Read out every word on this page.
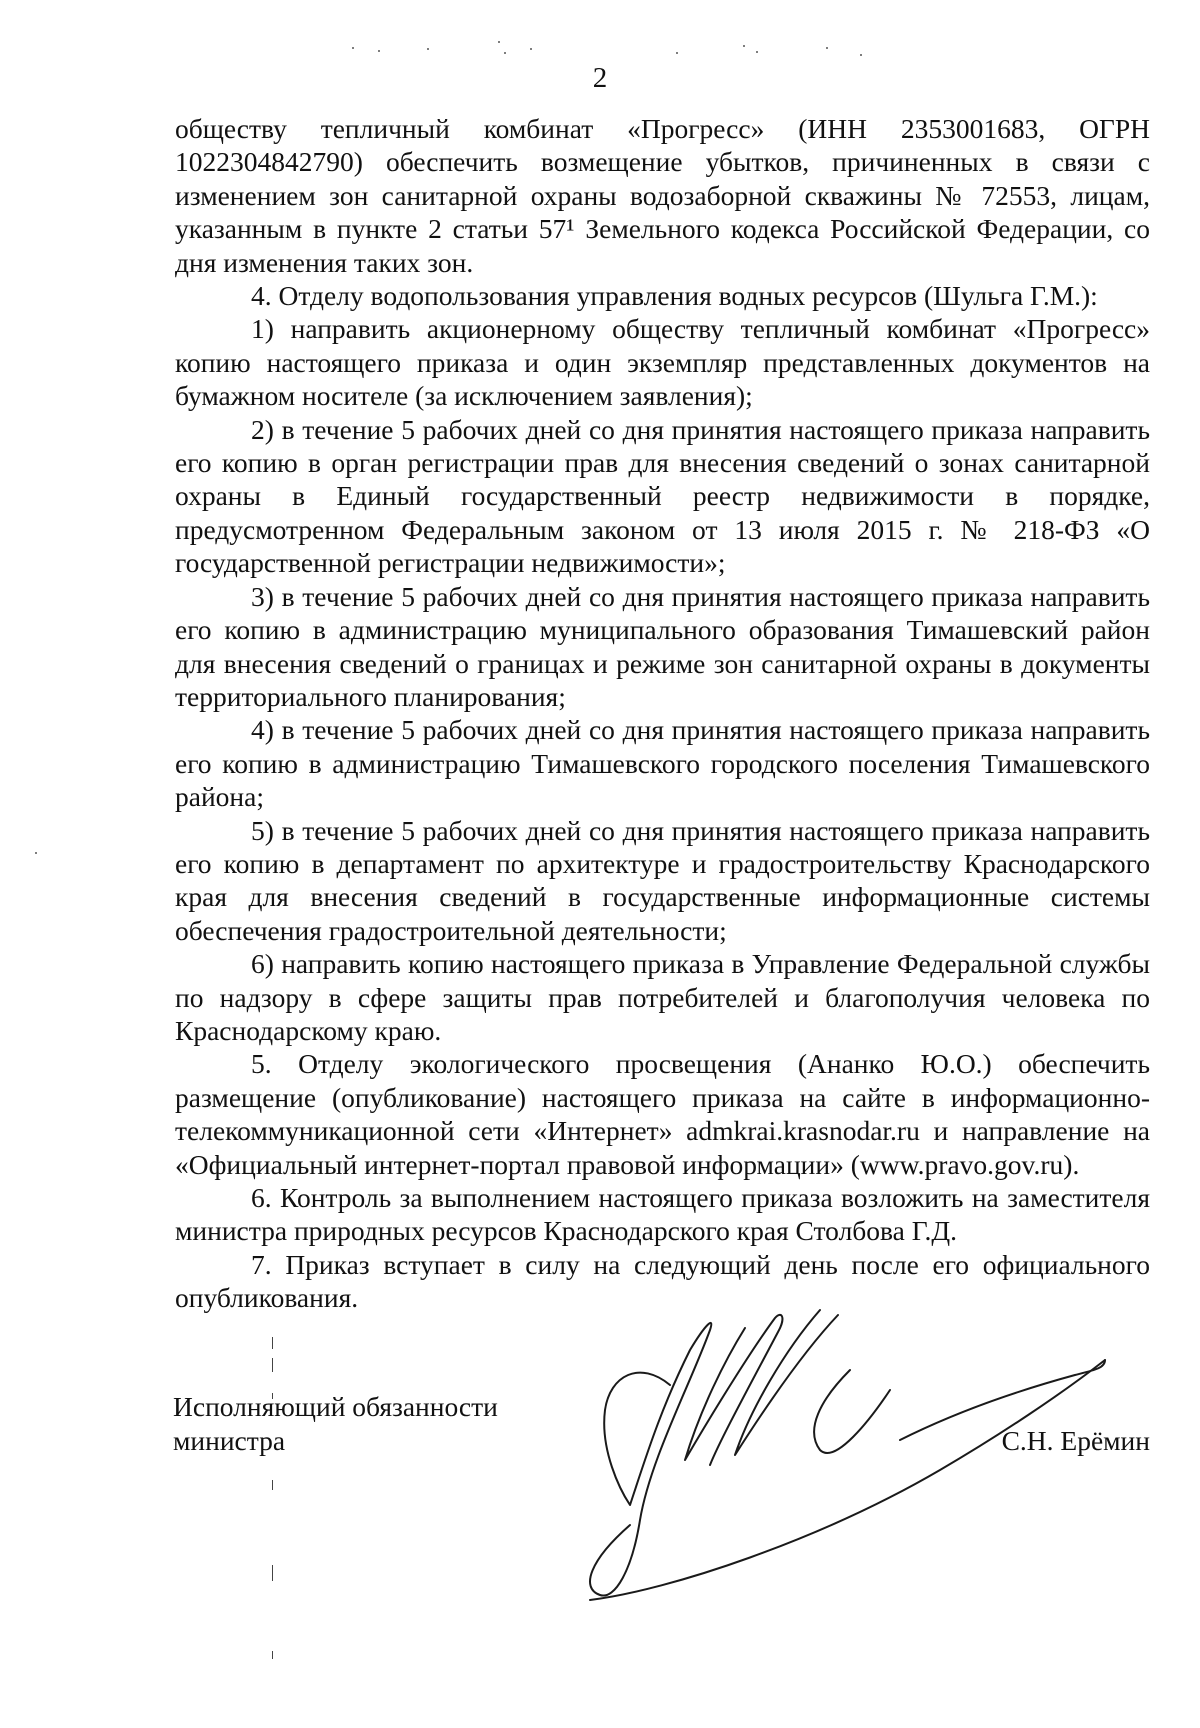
2

обществу тепличный комбинат «Прогресс» (ИНН 2353001683, ОГРН 1022304842790) обеспечить возмещение убытков, причиненных в связи с изменением зон санитарной охраны водозаборной скважины № 72553, лицам, указанным в пункте 2 статьи 57¹ Земельного кодекса Российской Федерации, со дня изменения таких зон.

4. Отделу водопользования управления водных ресурсов (Шульга Г.М.):

1) направить акционерному обществу тепличный комбинат «Прогресс» копию настоящего приказа и один экземпляр представленных документов на бумажном носителе (за исключением заявления);

2) в течение 5 рабочих дней со дня принятия настоящего приказа направить его копию в орган регистрации прав для внесения сведений о зонах санитарной охраны в Единый государственный реестр недвижимости в порядке, предусмотренном Федеральным законом от 13 июля 2015 г. № 218-ФЗ «О государственной регистрации недвижимости»;

3) в течение 5 рабочих дней со дня принятия настоящего приказа направить его копию в администрацию муниципального образования Тимашевский район для внесения сведений о границах и режиме зон санитарной охраны в документы территориального планирования;

4) в течение 5 рабочих дней со дня принятия настоящего приказа направить его копию в администрацию Тимашевского городского поселения Тимашевского района;

5) в течение 5 рабочих дней со дня принятия настоящего приказа направить его копию в департамент по архитектуре и градостроительству Краснодарского края для внесения сведений в государственные информационные системы обеспечения градостроительной деятельности;

6) направить копию настоящего приказа в Управление Федеральной службы по надзору в сфере защиты прав потребителей и благополучия человека по Краснодарскому краю.

5. Отделу экологического просвещения (Ананко Ю.О.) обеспечить размещение (опубликование) настоящего приказа на сайте в информационно-телекоммуникационной сети «Интернет» admkrai.krasnodar.ru и направление на «Официальный интернет-портал правовой информации» (www.pravo.gov.ru).

6. Контроль за выполнением настоящего приказа возложить на заместителя министра природных ресурсов Краснодарского края Столбова Г.Д.

7. Приказ вступает в силу на следующий день после его официального опубликования.

Исполняющий обязанности
министра	С.Н. Ерёмин
